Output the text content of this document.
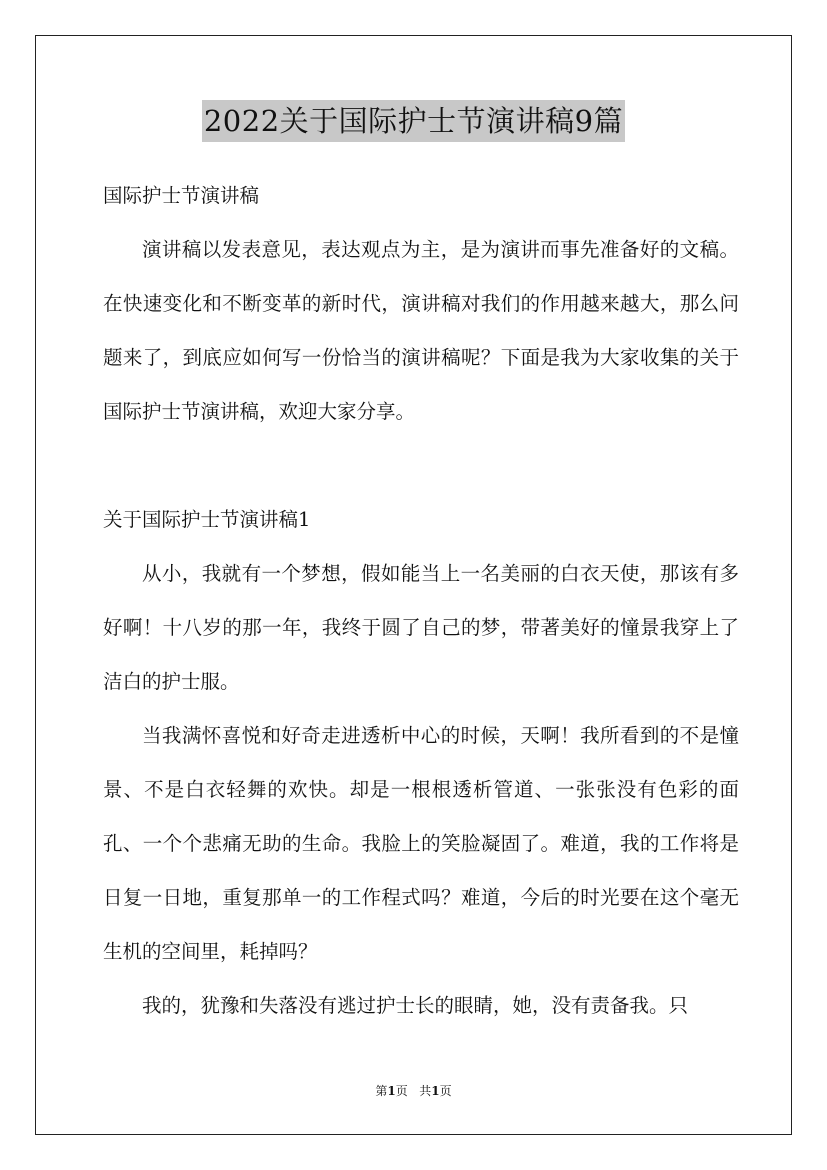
2022关于国际护士节演讲稿9篇

国际护士节演讲稿

演讲稿以发表意见，表达观点为主，是为演讲而事先准备好的文稿。在快速变化和不断变革的新时代，演讲稿对我们的作用越来越大，那么问题来了，到底应如何写一份恰当的演讲稿呢？下面是我为大家收集的关于国际护士节演讲稿，欢迎大家分享。

关于国际护士节演讲稿1

从小，我就有一个梦想，假如能当上一名美丽的白衣天使，那该有多好啊！十八岁的那一年，我终于圆了自己的梦，带著美好的憧景我穿上了洁白的护士服。

当我满怀喜悦和好奇走进透析中心的时候，天啊！我所看到的不是憧景、不是白衣轻舞的欢快。却是一根根透析管道、一张张没有色彩的面孔、一个个悲痛无助的生命。我脸上的笑脸凝固了。难道，我的工作将是日复一日地，重复那单一的工作程式吗？难道，今后的时光要在这个毫无生机的空间里，耗掉吗？

我的，犹豫和失落没有逃过护士长的眼睛，她，没有责备我。只

第1页 共1页
